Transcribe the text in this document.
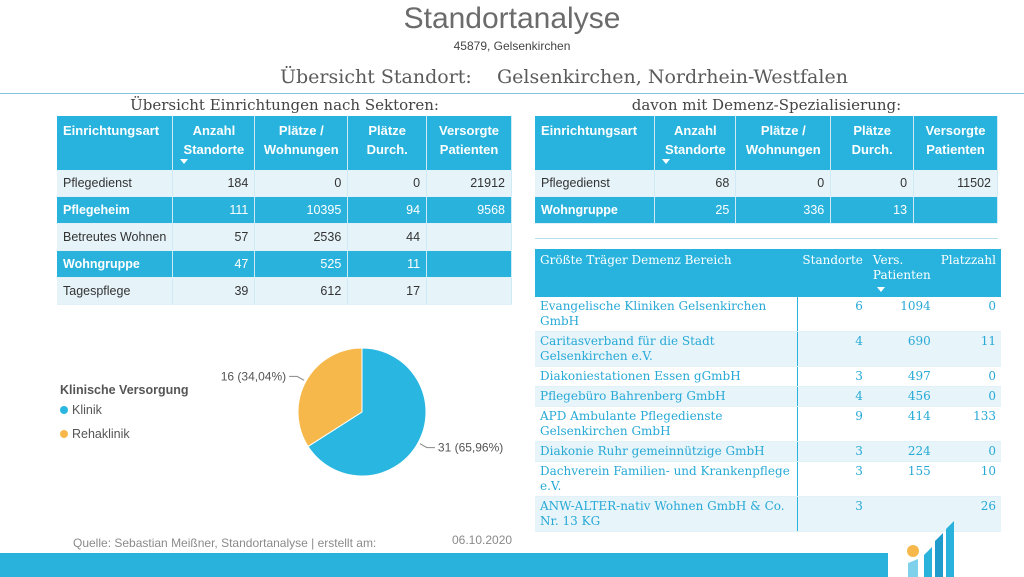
Standortanalyse
45879, Gelsenkirchen
Übersicht Standort: Gelsenkirchen, Nordrhein-Westfalen
Übersicht Einrichtungen nach Sektoren:
Einrichtungsart	Anzahl Standorte	Plätze / Wohnungen	Plätze Durch.	Versorgte Patienten
Pflegedienst	184	0	0	21912
Pflegeheim	111	10395	94	9568
Betreutes Wohnen	57	2536	44	
Wohngruppe	47	525	11	
Tagespflege	39	612	17	
davon mit Demenz-Spezialisierung:
Einrichtungsart	Anzahl Standorte	Plätze / Wohnungen	Plätze Durch.	Versorgte Patienten
Pflegedienst	68	0	0	11502
Wohngruppe	25	336	13	
Größte Träger Demenz Bereich	Standorte	Vers. Patienten	Platzzahl
Evangelische Kliniken Gelsenkirchen GmbH	6	1094	0
Caritasverband für die Stadt Gelsenkirchen e.V.	4	690	11
Diakoniestationen Essen gGmbH	3	497	0
Pflegebüro Bahrenberg GmbH	4	456	0
APD Ambulante Pflegedienste Gelsenkirchen GmbH	9	414	133
Diakonie Ruhr gemeinnützige GmbH	3	224	0
Dachverein Familien- und Krankenpflege e.V.	3	155	10
ANW-ALTER-nativ Wohnen GmbH & Co. Nr. 13 KG	3		26
Klinische Versorgung
Klinik
Rehaklinik
31 (65,96%)
16 (34,04%)
Quelle: Sebastian Meißner, Standortanalyse | erstellt am:	06.10.2020
